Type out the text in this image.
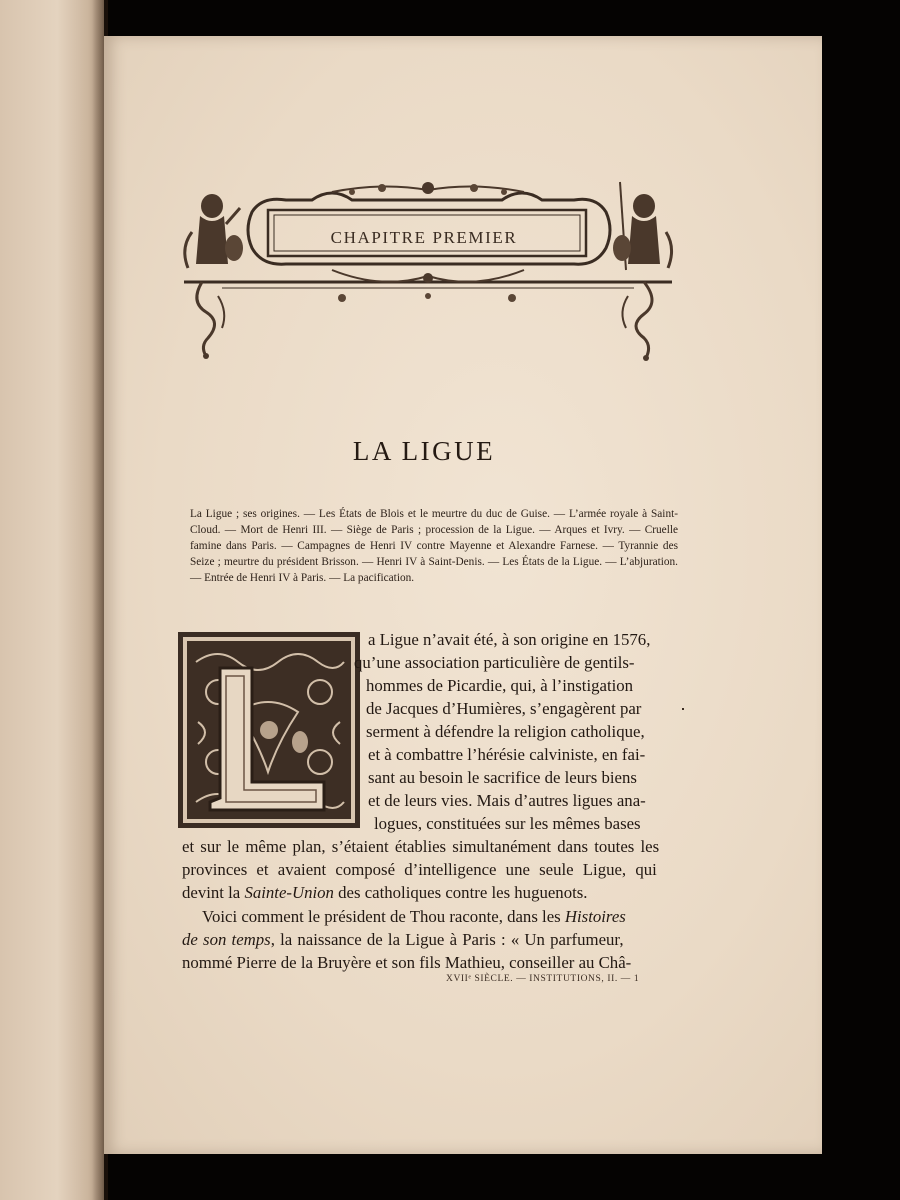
CHAPITRE PREMIER
LA LIGUE
La Ligue ; ses origines. — Les États de Blois et le meurtre du duc de Guise. — L’armée royale à Saint-Cloud. — Mort de Henri III. — Siège de Paris ; procession de la Ligue. — Arques et Ivry. — Cruelle famine dans Paris. — Campagnes de Henri IV contre Mayenne et Alexandre Farnese. — Tyrannie des Seize ; meurtre du président Brisson. — Henri IV à Saint-Denis. — Les États de la Ligue. — L’abjuration. — Entrée de Henri IV à Paris. — La pacification.
a Ligue n’avait été, à son origine en 1576,
qu’une association particulière de gentils-
hommes de Picardie, qui, à l’instigation
de Jacques d’Humières, s’engagèrent par
serment à défendre la religion catholique,
et à combattre l’hérésie calviniste, en fai-
sant au besoin le sacrifice de leurs biens
et de leurs vies. Mais d’autres ligues ana-
logues, constituées sur les mêmes bases
et sur le même plan, s’étaient établies simultanément dans toutes les
provinces et avaient composé d’intelligence une seule Ligue, qui
devint la Sainte-Union des catholiques contre les huguenots.
Voici comment le président de Thou raconte, dans les Histoires
de son temps, la naissance de la Ligue à Paris : « Un parfumeur,
nommé Pierre de la Bruyère et son fils Mathieu, conseiller au Châ-
XVIIᵉ SIÈCLE. — INSTITUTIONS, II. — 1
